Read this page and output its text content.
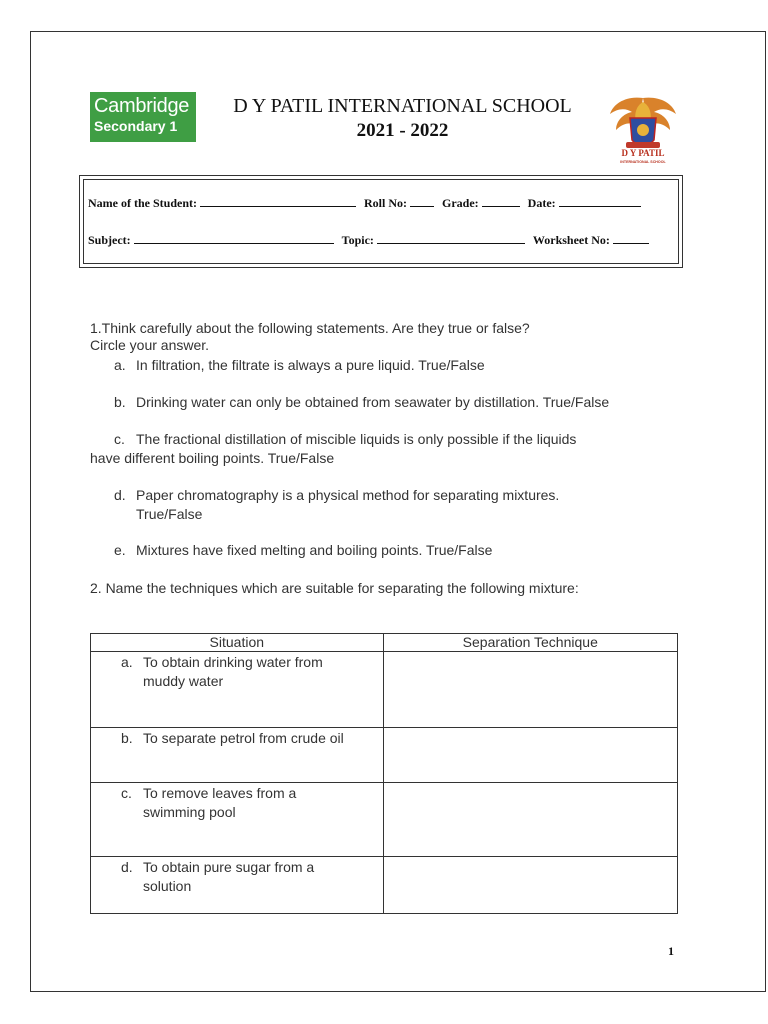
Cambridge
Secondary 1
D Y PATIL INTERNATIONAL SCHOOL
2021 - 2022
D Y PATIL
INTERNATIONAL SCHOOL
Name of the Student:	Roll No:	Grade:	Date:
Subject:	Topic:	Worksheet No:
1.Think carefully about the following statements. Are they true or false?
Circle your answer.
a. In filtration, the filtrate is always a pure liquid. True/False
b. Drinking water can only be obtained from seawater by distillation. True/False
c. The fractional distillation of miscible liquids is only possible if the liquids
have different boiling points. True/False
d. Paper chromatography is a physical method for separating mixtures.
True/False
e. Mixtures have fixed melting and boiling points. True/False
2. Name the techniques which are suitable for separating the following mixture:
Situation	Separation Technique

a. To obtain drinking water from
muddy water	

b. To separate petrol from crude oil	

c. To remove leaves from a
swimming pool	

d. To obtain pure sugar from a
solution	

1
